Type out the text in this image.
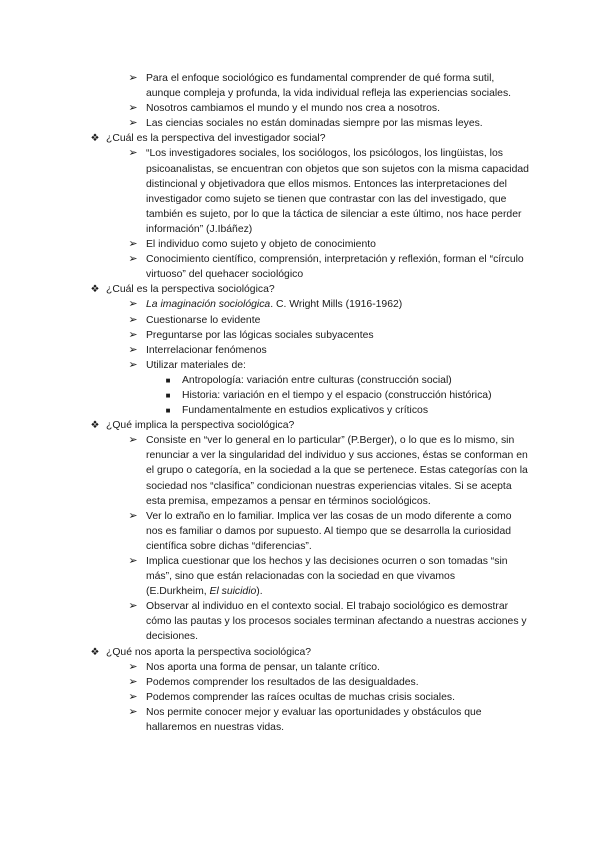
➢ Para el enfoque sociológico es fundamental comprender de qué forma sutil, aunque compleja y profunda, la vida individual refleja las experiencias sociales.
➢ Nosotros cambiamos el mundo y el mundo nos crea a nosotros.
➢ Las ciencias sociales no están dominadas siempre por las mismas leyes.
❖ ¿Cuál es la perspectiva del investigador social?
➢ “Los investigadores sociales, los sociólogos, los psicólogos, los lingüistas, los psicoanalistas, se encuentran con objetos que son sujetos con la misma capacidad distincional y objetivadora que ellos mismos. Entonces las interpretaciones del investigador como sujeto se tienen que contrastar con las del investigado, que también es sujeto, por lo que la táctica de silenciar a este último, nos hace perder información” (J.Ibáñez)
➢ El individuo como sujeto y objeto de conocimiento
➢ Conocimiento científico, comprensión, interpretación y reflexión, forman el “círculo virtuoso” del quehacer sociológico
❖ ¿Cuál es la perspectiva sociológica?
➢ La imaginación sociológica. C. Wright Mills (1916-1962)
➢ Cuestionarse lo evidente
➢ Preguntarse por las lógicas sociales subyacentes
➢ Interrelacionar fenómenos
➢ Utilizar materiales de:
■	Antropología: variación entre culturas (construcción social)
■	Historia: variación en el tiempo y el espacio (construcción histórica)
■	Fundamentalmente en estudios explicativos y críticos
❖ ¿Qué implica la perspectiva sociológica?
➢ Consiste en “ver lo general en lo particular” (P.Berger), o lo que es lo mismo, sin renunciar a ver la singularidad del individuo y sus acciones, éstas se conforman en el grupo o categoría, en la sociedad a la que se pertenece. Estas categorías con la sociedad nos “clasifica” condicionan nuestras experiencias vitales. Si se acepta esta premisa, empezamos a pensar en términos sociológicos.
➢ Ver lo extraño en lo familiar. Implica ver las cosas de un modo diferente a como nos es familiar o damos por supuesto. Al tiempo que se desarrolla la curiosidad científica sobre dichas “diferencias”.
➢ Implica cuestionar que los hechos y las decisiones ocurren o son tomadas “sin más”, sino que están relacionadas con la sociedad en que vivamos
(E.Durkheim, El suicidio).
➢ Observar al individuo en el contexto social. El trabajo sociológico es demostrar cómo las pautas y los procesos sociales terminan afectando a nuestras acciones y decisiones.
❖ ¿Qué nos aporta la perspectiva sociológica?
➢ Nos aporta una forma de pensar, un talante crítico.
➢ Podemos comprender los resultados de las desigualdades.
➢ Podemos comprender las raíces ocultas de muchas crisis sociales.
➢ Nos permite conocer mejor y evaluar las oportunidades y obstáculos que hallaremos en nuestras vidas.
